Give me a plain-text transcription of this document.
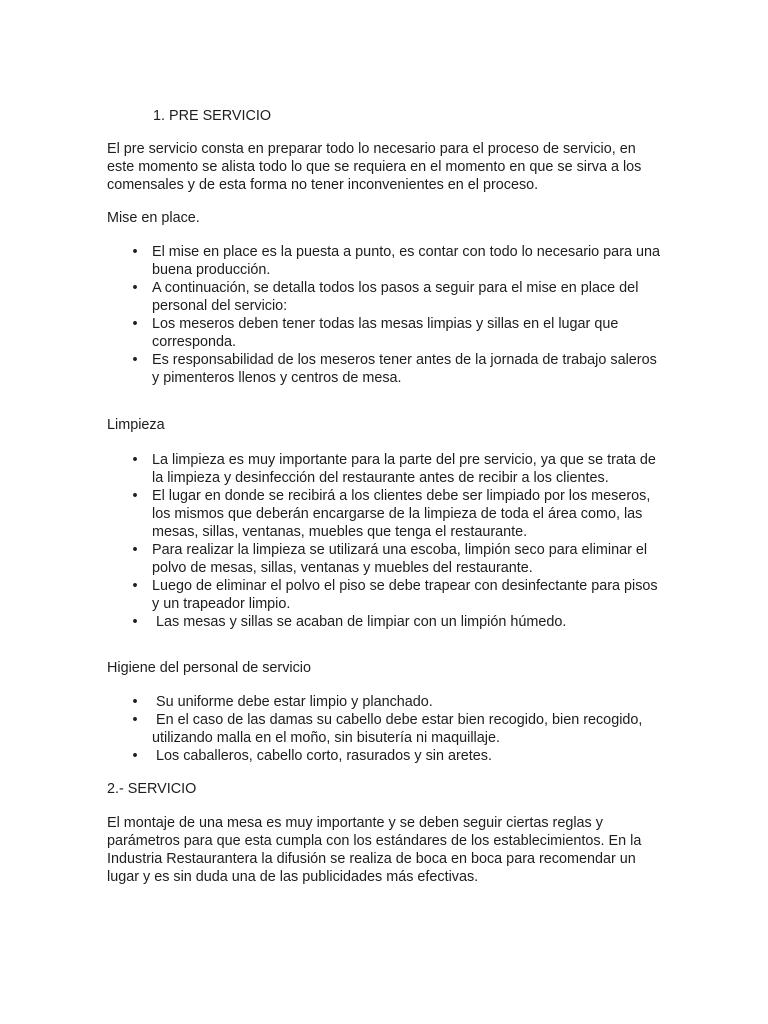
1. PRE SERVICIO
El pre servicio consta en preparar todo lo necesario para el proceso de servicio, en este momento se alista todo lo que se requiera en el momento en que se sirva a los comensales y de esta forma no tener inconvenientes en el proceso.
Mise en place.
•	El mise en place es la puesta a punto, es contar con todo lo necesario para una buena producción.
•	A continuación, se detalla todos los pasos a seguir para el mise en place del personal del servicio:
•	Los meseros deben tener todas las mesas limpias y sillas en el lugar que corresponda.
•	Es responsabilidad de los meseros tener antes de la jornada de trabajo saleros y pimenteros llenos y centros de mesa.
Limpieza
•	La limpieza es muy importante para la parte del pre servicio, ya que se trata de la limpieza y desinfección del restaurante antes de recibir a los clientes.
•	El lugar en donde se recibirá a los clientes debe ser limpiado por los meseros, los mismos que deberán encargarse de la limpieza de toda el área como, las mesas, sillas, ventanas, muebles que tenga el restaurante.
•	Para realizar la limpieza se utilizará una escoba, limpión seco para eliminar el polvo de mesas, sillas, ventanas y muebles del restaurante.
•	Luego de eliminar el polvo el piso se debe trapear con desinfectante para pisos y un trapeador limpio.
•	Las mesas y sillas se acaban de limpiar con un limpión húmedo.
Higiene del personal de servicio
•	Su uniforme debe estar limpio y planchado.
•	En el caso de las damas su cabello debe estar bien recogido, bien recogido, utilizando malla en el moño, sin bisutería ni maquillaje.
•	Los caballeros, cabello corto, rasurados y sin aretes.
2.- SERVICIO
El montaje de una mesa es muy importante y se deben seguir ciertas reglas y parámetros para que esta cumpla con los estándares de los establecimientos. En la Industria Restaurantera la difusión se realiza de boca en boca para recomendar un lugar y es sin duda una de las publicidades más efectivas.
